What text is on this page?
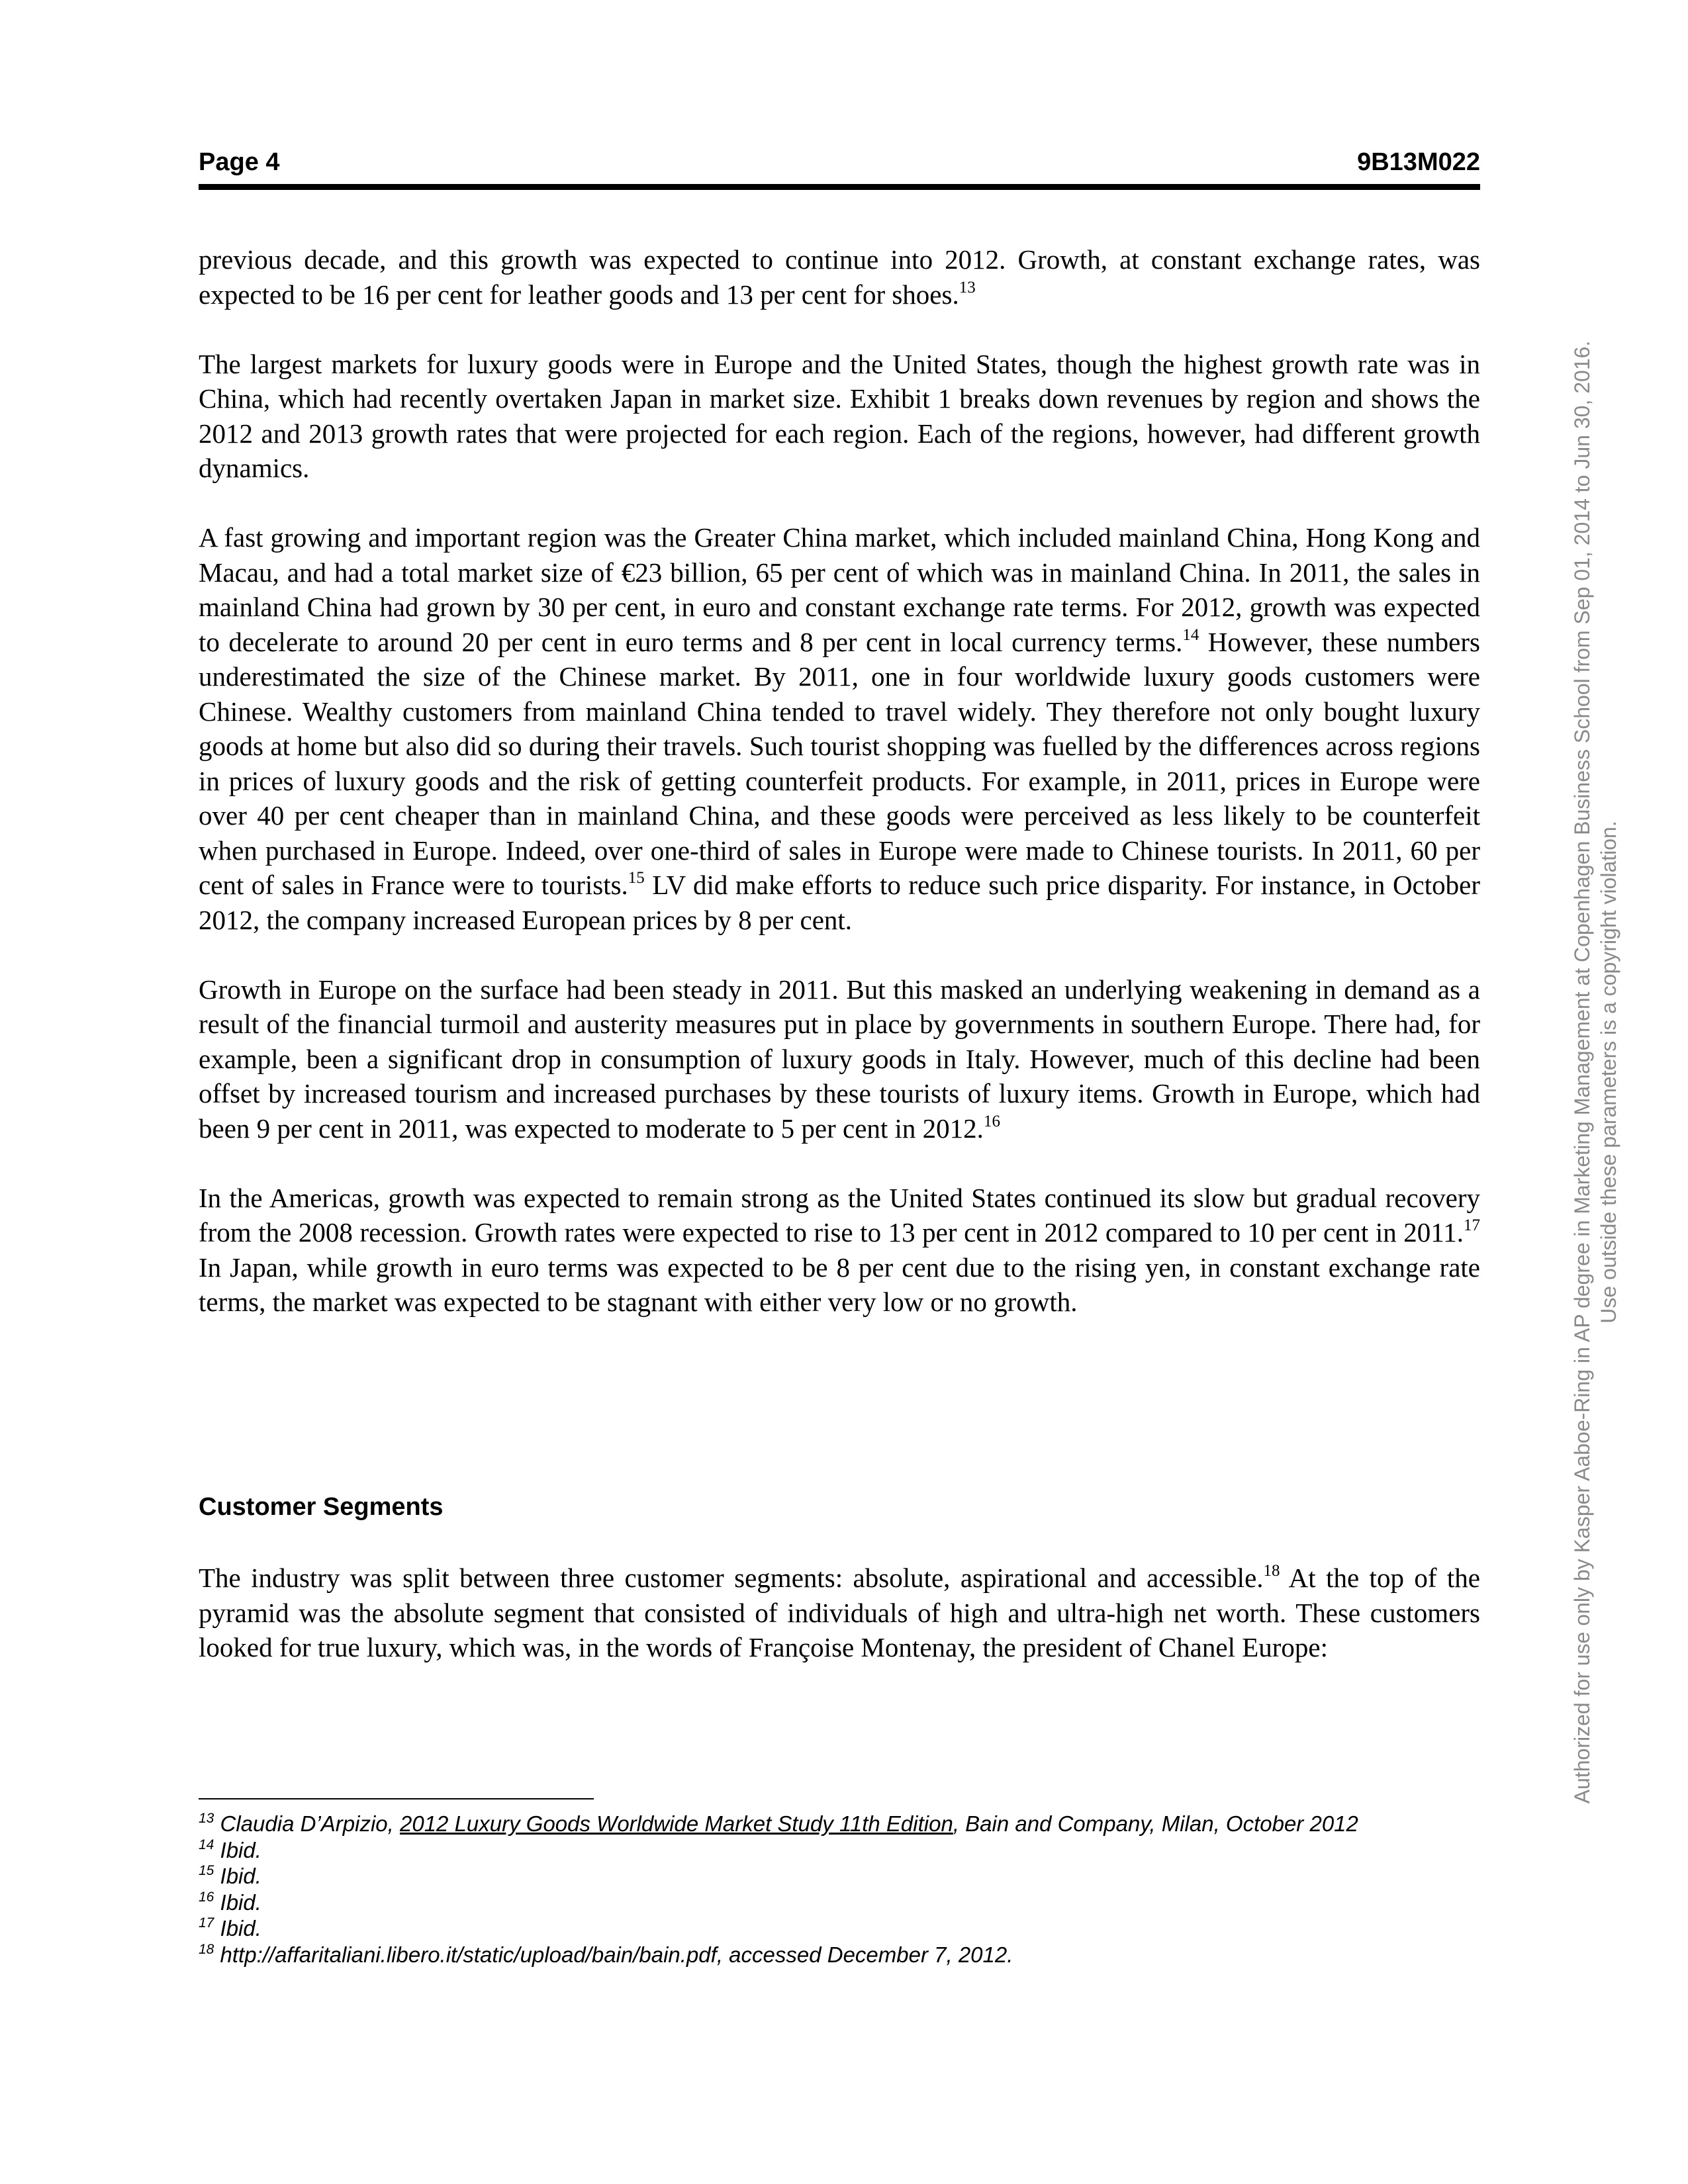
Page 4	9B13M022

previous decade, and this growth was expected to continue into 2012. Growth, at constant exchange rates, was expected to be 16 per cent for leather goods and 13 per cent for shoes.$^{13}$

The largest markets for luxury goods were in Europe and the United States, though the highest growth rate was in China, which had recently overtaken Japan in market size. Exhibit 1 breaks down revenues by region and shows the 2012 and 2013 growth rates that were projected for each region. Each of the regions, however, had different growth dynamics.

A fast growing and important region was the Greater China market, which included mainland China, Hong Kong and Macau, and had a total market size of €23 billion, 65 per cent of which was in mainland China. In 2011, the sales in mainland China had grown by 30 per cent, in euro and constant exchange rate terms. For 2012, growth was expected to decelerate to around 20 per cent in euro terms and 8 per cent in local currency terms.$^{14}$ However, these numbers underestimated the size of the Chinese market. By 2011, one in four worldwide luxury goods customers were Chinese. Wealthy customers from mainland China tended to travel widely. They therefore not only bought luxury goods at home but also did so during their travels. Such tourist shopping was fuelled by the differences across regions in prices of luxury goods and the risk of getting counterfeit products. For example, in 2011, prices in Europe were over 40 per cent cheaper than in mainland China, and these goods were perceived as less likely to be counterfeit when purchased in Europe. Indeed, over one-third of sales in Europe were made to Chinese tourists. In 2011, 60 per cent of sales in France were to tourists.$^{15}$ LV did make efforts to reduce such price disparity. For instance, in October 2012, the company increased European prices by 8 per cent.

Growth in Europe on the surface had been steady in 2011. But this masked an underlying weakening in demand as a result of the financial turmoil and austerity measures put in place by governments in southern Europe. There had, for example, been a significant drop in consumption of luxury goods in Italy. However, much of this decline had been offset by increased tourism and increased purchases by these tourists of luxury items. Growth in Europe, which had been 9 per cent in 2011, was expected to moderate to 5 per cent in 2012.16

In the Americas, growth was expected to remain strong as the United States continued its slow but gradual recovery from the 2008 recession. Growth rates were expected to rise to 13 per cent in 2012 compared to 10 per cent in 2011.17 In Japan, while growth in euro terms was expected to be 8 per cent due to the rising yen, in constant exchange rate terms, the market was expected to be stagnant with either very low or no growth.

Customer Segments

The industry was split between three customer segments: absolute, aspirational and accessible.$^{18}$ At the top of the pyramid was the absolute segment that consisted of individuals of high and ultra-high net worth. These customers looked for true luxury, which was, in the words of Françoise Montenay, the president of Chanel Europe:

$^{13}$ Claudia D’Arpizio, 2012 Luxury Goods Worldwide Market Study 11th Edition, Bain and Company, Milan, October 2012
$^{14}$ Ibid.
$^{15}$ Ibid.
$^{16}$ Ibid.
$^{17}$ Ibid.
$^{18}$ http://affaritaliani.libero.it/static/upload/bain/bain.pdf, accessed December 7, 2012.
Authorized for use only by Kasper Aaboe-Ring in AP degree in Marketing Management at Copenhagen Business School from Sep 01, 2014 to Jun 30, 2016. Use outside these parameters is a copyright violation.
